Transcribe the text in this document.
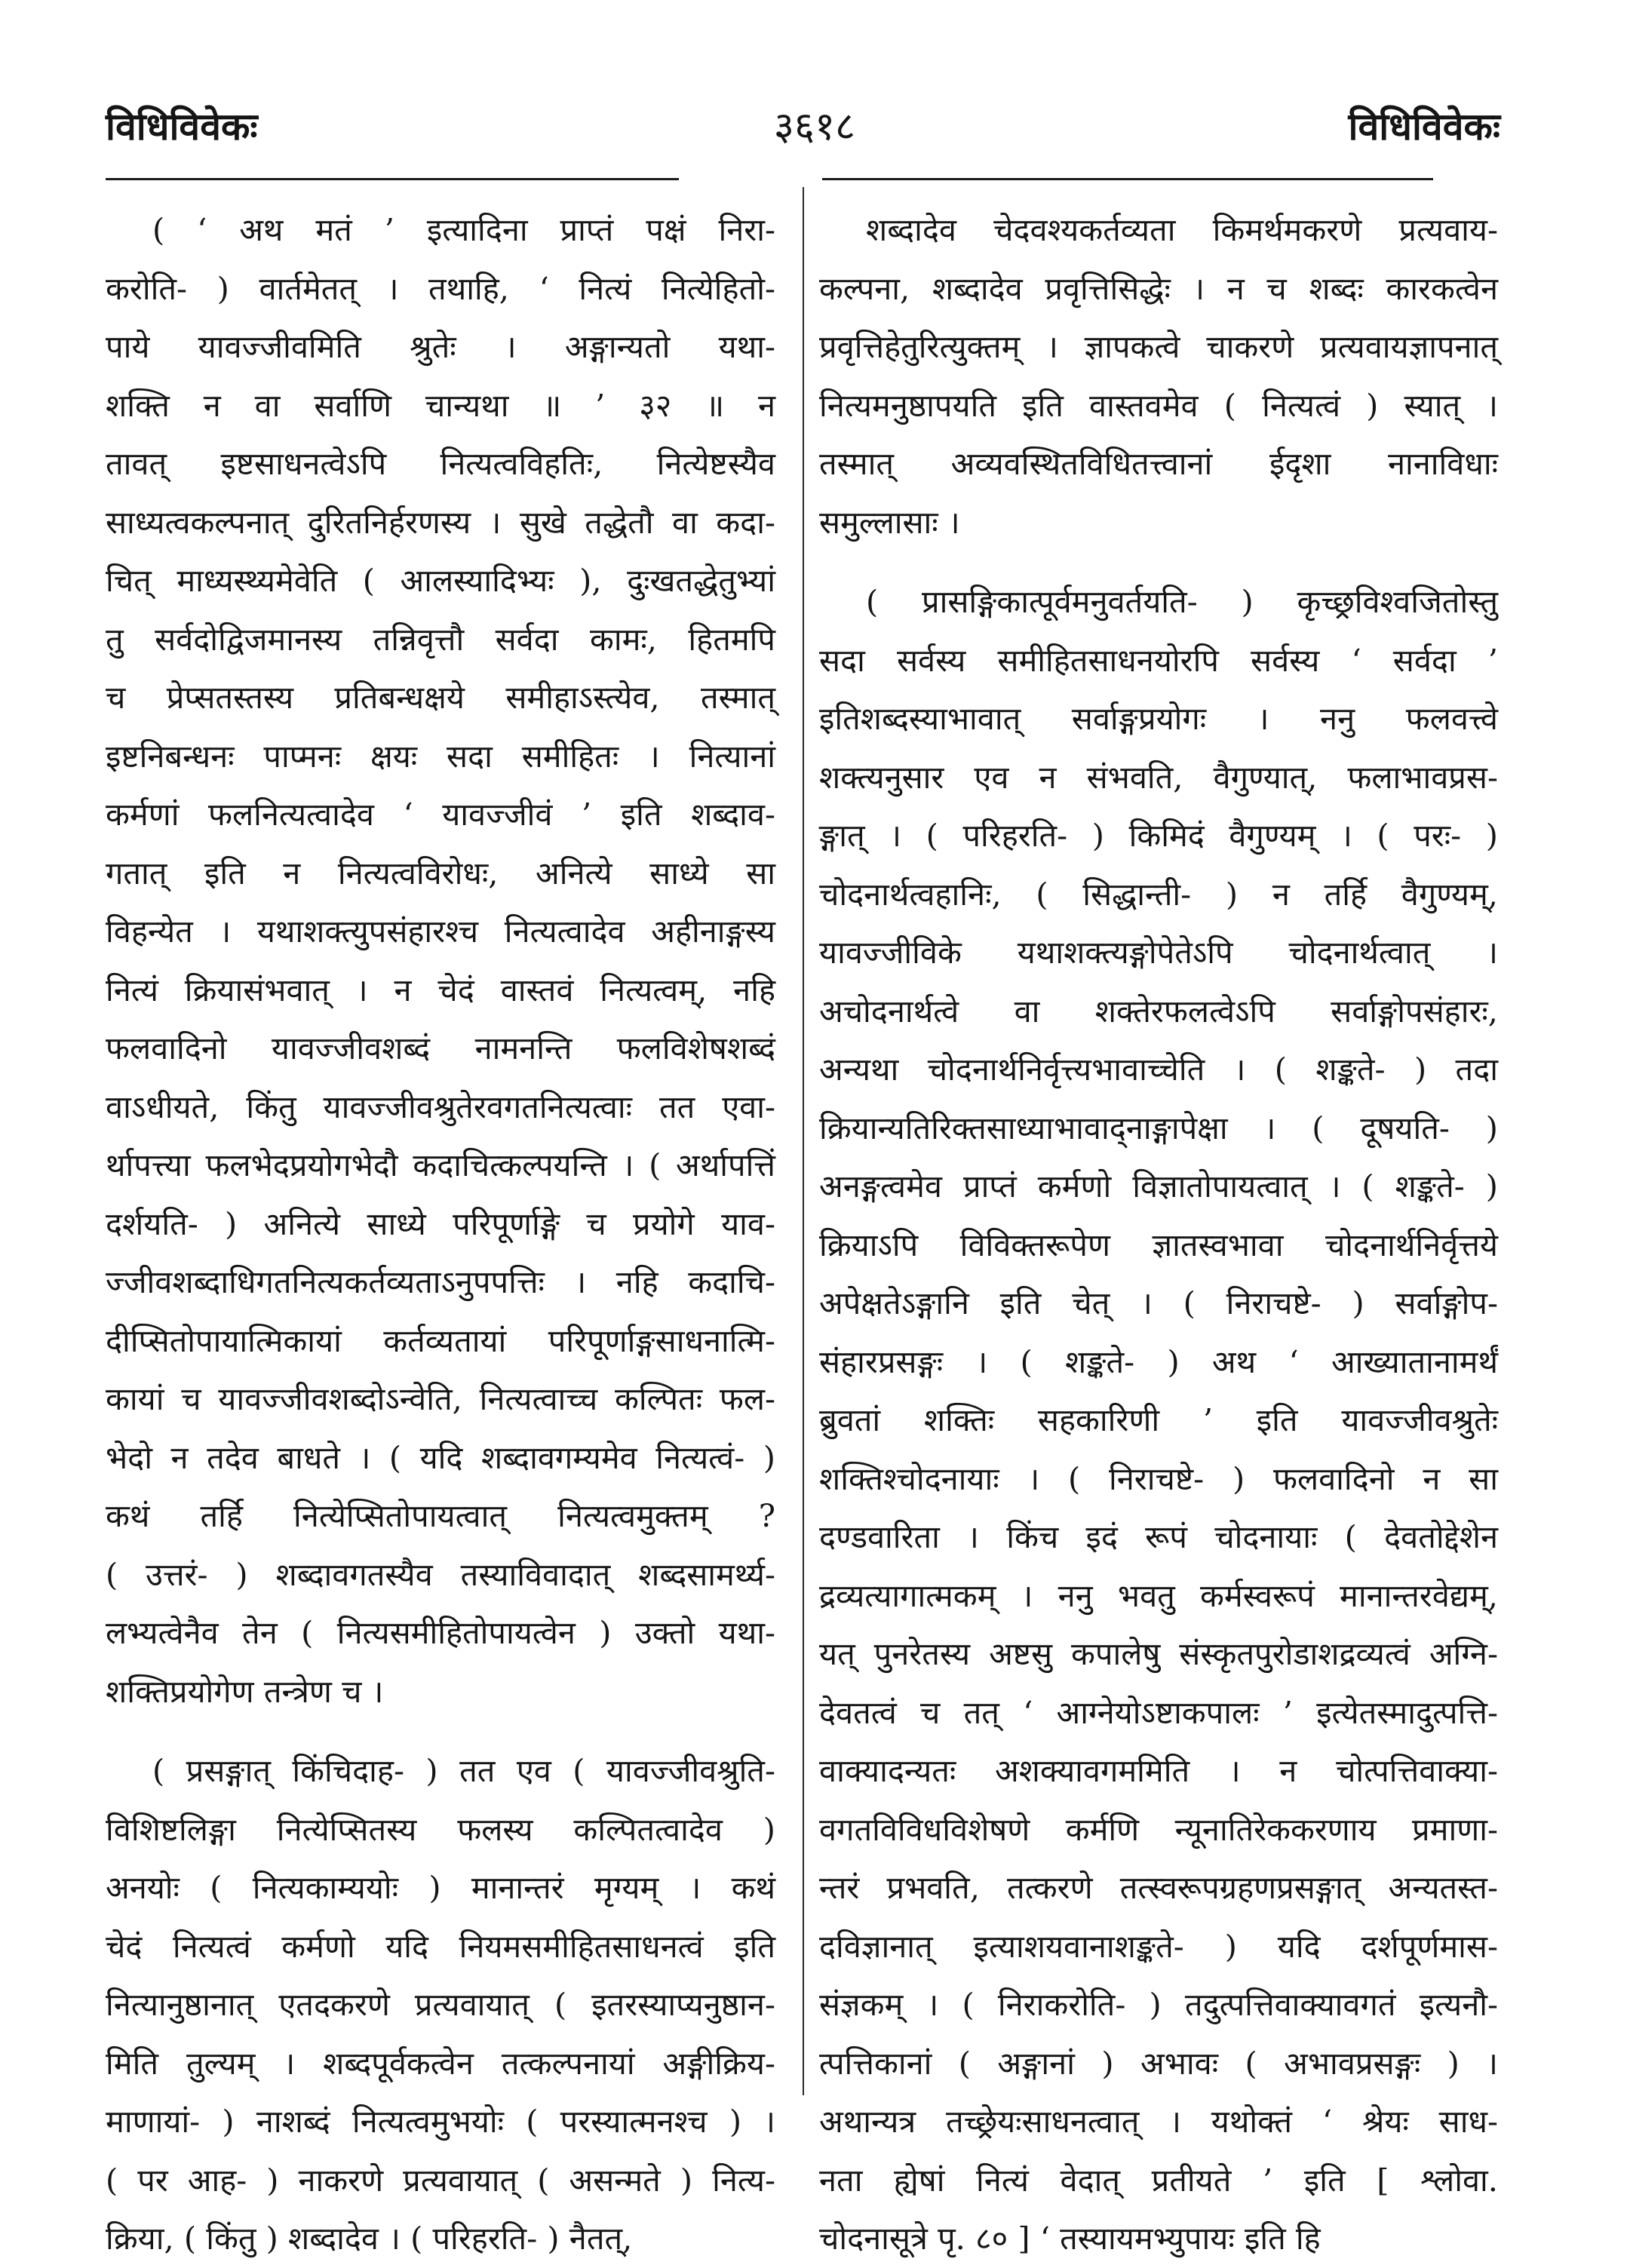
विधिविवेकः	३६१८	विधिविवेकः
( ‘ अथ मतं ’ इत्यादिना प्राप्तं पक्षं निरा-
करोति- ) वार्तमेतत् । तथाहि, ‘ नित्यं नित्येहितो-
पाये यावज्जीवमिति श्रुतेः । अङ्गान्यतो यथा-
शक्ति न वा सर्वाणि चान्यथा ॥ ’ ३२ ॥ न
तावत् इष्टसाधनत्वेऽपि नित्यत्वविहतिः, नित्येष्टस्यैव
साध्यत्वकल्पनात् दुरितनिर्हरणस्य । सुखे तद्धेतौ वा कदा-
चित् माध्यस्थ्यमेवेति ( आलस्यादिभ्यः ), दुःखतद्धेतुभ्यां
तु सर्वदोद्विजमानस्य तन्निवृत्तौ सर्वदा कामः, हितमपि
च प्रेप्सतस्तस्य प्रतिबन्धक्षये समीहाऽस्त्येव, तस्मात्
इष्टनिबन्धनः पाप्मनः क्षयः सदा समीहितः । नित्यानां
कर्मणां फलनित्यत्वादेव ‘ यावज्जीवं ’ इति शब्दाव-
गतात् इति न नित्यत्वविरोधः, अनित्ये साध्ये सा
विहन्येत । यथाशक्त्युपसंहारश्च नित्यत्वादेव अहीनाङ्गस्य
नित्यं क्रियासंभवात् । न चेदं वास्तवं नित्यत्वम्, नहि
फलवादिनो यावज्जीवशब्दं नामनन्ति फलविशेषशब्दं
वाऽधीयते, किंतु यावज्जीवश्रुतेरवगतनित्यत्वाः तत एवा-
र्थापत्त्या फलभेदप्रयोगभेदौ कदाचित्कल्पयन्ति । ( अर्थापत्तिं
दर्शयति- ) अनित्ये साध्ये परिपूर्णाङ्गे च प्रयोगे याव-
ज्जीवशब्दाधिगतनित्यकर्तव्यताऽनुपपत्तिः । नहि कदाचि-
दीप्सितोपायात्मिकायां कर्तव्यतायां परिपूर्णाङ्गसाधनात्मि-
कायां च यावज्जीवशब्दोऽन्वेति, नित्यत्वाच्च कल्पितः फल-
भेदो न तदेव बाधते । ( यदि शब्दावगम्यमेव नित्यत्वं- )
कथं तर्हि नित्येप्सितोपायत्वात् नित्यत्वमुक्तम् ?
( उत्तरं- ) शब्दावगतस्यैव तस्याविवादात् शब्दसामर्थ्य-
लभ्यत्वेनैव तेन ( नित्यसमीहितोपायत्वेन ) उक्तो यथा-
शक्तिप्रयोगेण तन्त्रेण च ।
( प्रसङ्गात् किंचिदाह- ) तत एव ( यावज्जीवश्रुति-
विशिष्टलिङ्गा नित्येप्सितस्य फलस्य कल्पितत्वादेव )
अनयोः ( नित्यकाम्ययोः ) मानान्तरं मृग्यम् । कथं
चेदं नित्यत्वं कर्मणो यदि नियमसमीहितसाधनत्वं इति
नित्यानुष्ठानात् एतदकरणे प्रत्यवायात् ( इतरस्याप्यनुष्ठान-
मिति तुल्यम् । शब्दपूर्वकत्वेन तत्कल्पनायां अङ्गीक्रिय-
माणायां- ) नाशब्दं नित्यत्वमुभयोः ( परस्यात्मनश्च ) ।
( पर आह- ) नाकरणे प्रत्यवायात् ( असन्मते ) नित्य-
क्रिया, ( किंतु ) शब्दादेव । ( परिहरति- ) नैतत्,
शब्दादेव चेदवश्यकर्तव्यता किमर्थमकरणे प्रत्यवाय-
कल्पना, शब्दादेव प्रवृत्तिसिद्धेः । न च शब्दः कारकत्वेन
प्रवृत्तिहेतुरित्युक्तम् । ज्ञापकत्वे चाकरणे प्रत्यवायज्ञापनात्
नित्यमनुष्ठापयति इति वास्तवमेव ( नित्यत्वं ) स्यात् ।
तस्मात् अव्यवस्थितविधितत्त्वानां ईदृशा नानाविधाः
समुल्लासाः ।
( प्रासङ्गिकात्पूर्वमनुवर्तयति- ) कृच्छ्रविश्वजितोस्तु
सदा सर्वस्य समीहितसाधनयोरपि सर्वस्य ‘ सर्वदा ’
इतिशब्दस्याभावात् सर्वाङ्गप्रयोगः । ननु फलवत्त्वे
शक्त्यनुसार एव न संभवति, वैगुण्यात्, फलाभावप्रस-
ङ्गात् । ( परिहरति- ) किमिदं वैगुण्यम् । ( परः- )
चोदनार्थत्वहानिः, ( सिद्धान्ती- ) न तर्हि वैगुण्यम्,
यावज्जीविके यथाशक्त्यङ्गोपेतेऽपि चोदनार्थत्वात् ।
अचोदनार्थत्वे वा शक्तेरफलत्वेऽपि सर्वाङ्गोपसंहारः,
अन्यथा चोदनार्थनिर्वृत्त्यभावाच्चेति । ( शङ्कते- ) तदा
क्रियान्यतिरिक्तसाध्याभावाद्नाङ्गापेक्षा । ( दूषयति- )
अनङ्गत्वमेव प्राप्तं कर्मणो विज्ञातोपायत्वात् । ( शङ्कते- )
क्रियाऽपि विविक्तरूपेण ज्ञातस्वभावा चोदनार्थनिर्वृत्तये
अपेक्षतेऽङ्गानि इति चेत् । ( निराचष्टे- ) सर्वाङ्गोप-
संहारप्रसङ्गः । ( शङ्कते- ) अथ ‘ आख्यातानामर्थं
ब्रुवतां शक्तिः सहकारिणी ’ इति यावज्जीवश्रुतेः
शक्तिश्चोदनायाः । ( निराचष्टे- ) फलवादिनो न सा
दण्डवारिता । किंच इदं रूपं चोदनायाः ( देवतोद्देशेन
द्रव्यत्यागात्मकम् । ननु भवतु कर्मस्वरूपं मानान्तरवेद्यम्,
यत् पुनरेतस्य अष्टसु कपालेषु संस्कृतपुरोडाशद्रव्यत्वं अग्नि-
देवतत्वं च तत् ‘ आग्नेयोऽष्टाकपालः ’ इत्येतस्मादुत्पत्ति-
वाक्यादन्यतः अशक्यावगममिति । न चोत्पत्तिवाक्या-
वगतविविधविशेषणे कर्मणि न्यूनातिरेककरणाय प्रमाणा-
न्तरं प्रभवति, तत्करणे तत्स्वरूपग्रहणप्रसङ्गात् अन्यतस्त-
दविज्ञानात् इत्याशयवानाशङ्कते- ) यदि दर्शपूर्णमास-
संज्ञकम् । ( निराकरोति- ) तदुत्पत्तिवाक्यावगतं इत्यनौ-
त्पत्तिकानां ( अङ्गानां ) अभावः ( अभावप्रसङ्गः ) ।
अथान्यत्र तच्छ्रेयःसाधनत्वात् । यथोक्तं ‘ श्रेयः साध-
नता ह्येषां नित्यं वेदात् प्रतीयते ’ इति [ श्लोवा.
चोदनासूत्रे पृ. ८० ] ‘ तस्यायमभ्युपायः इति हि
